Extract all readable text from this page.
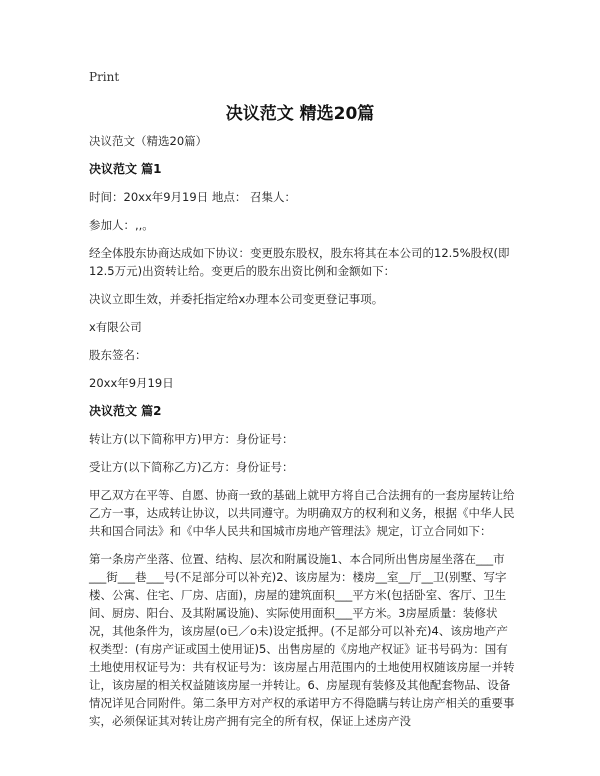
Print
决议范文 精选20篇

决议范文（精选20篇）

决议范文 篇1

时间：20xx年9月19日 地点： 召集人：

参加人：,,。

经全体股东协商达成如下协议：变更股东股权，股东将其在本公司的12.5%股权(即12.5万元)出资转让给。变更后的股东出资比例和金额如下：

决议立即生效，并委托指定给x办理本公司变更登记事项。

x有限公司

股东签名：

20xx年9月19日

决议范文 篇2

转让方(以下简称甲方)甲方：身份证号：

受让方(以下简称乙方)乙方：身份证号：

甲乙双方在平等、自愿、协商一致的基础上就甲方将自己合法拥有的一套房屋转让给乙方一事，达成转让协议，以共同遵守。为明确双方的权利和义务，根据《中华人民共和国合同法》和《中华人民共和国城市房地产管理法》规定，订立合同如下：

第一条房产坐落、位置、结构、层次和附属设施1、本合同所出售房屋坐落在___市___街___巷___号(不足部分可以补充)2、该房屋为：楼房__室__厅__卫(别墅、写字楼、公寓、住宅、厂房、店面)，房屋的建筑面积___平方米(包括卧室、客厅、卫生间、厨房、阳台、及其附属设施)、实际使用面积___平方米。3房屋质量：装修状况，其他条件为，该房屋(o已／o未)设定抵押。(不足部分可以补充)4、该房地产产权类型：(有房产证或国土使用证)5、出售房屋的《房地产权证》证书号码为：国有土地使用权证号为：共有权证号为：该房屋占用范围内的土地使用权随该房屋一并转让，该房屋的相关权益随该房屋一并转让。6、房屋现有装修及其他配套物品、设备情况详见合同附件。第二条甲方对产权的承诺甲方不得隐瞒与转让房产相关的重要事实，必须保证其对转让房产拥有完全的所有权，保证上述房产没
